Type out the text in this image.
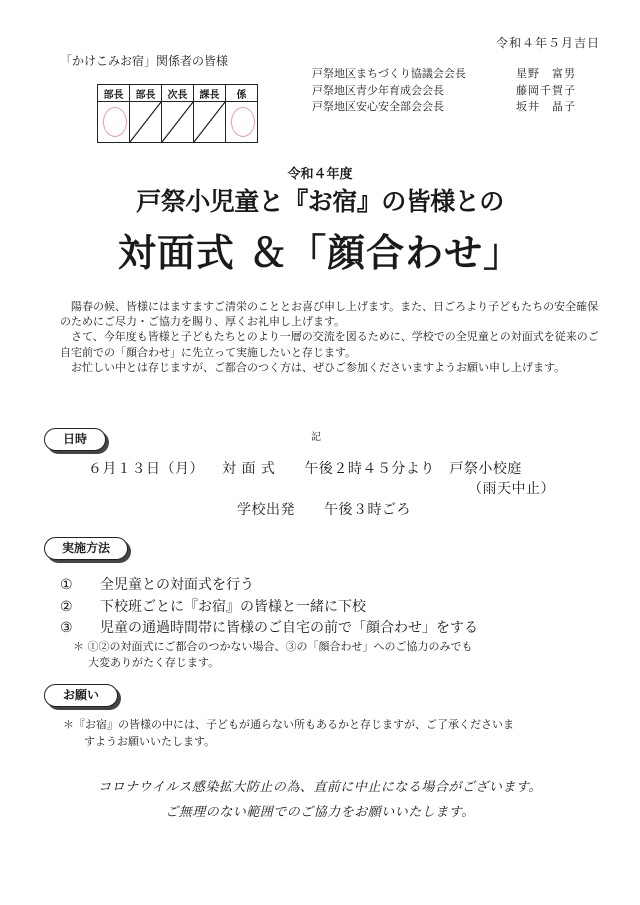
令和４年５月吉日
「かけこみお宿」関係者の皆様
戸祭地区まちづくり協議会会長	星野　富男
戸祭地区青少年育成会会長	藤岡千賀子
戸祭地区安心安全部会会長	坂井　晶子
部長	部長	次長	課長	係

令和４年度
戸祭小児童と『お宿』の皆様との
対面式 ＆「顔合わせ」

陽春の候、皆様にはますますご清栄のこととお喜び申し上げます。また、日ごろより子どもたちの安全確保のためにご尽力・ご協力を賜り、厚くお礼申し上げます。

さて、今年度も皆様と子どもたちとのより一層の交流を図るために、学校での全児童との対面式を従来のご自宅前での「顔合わせ」に先立って実施したいと存じます。

お忙しい中とは存じますが、ご都合のつく方は、ぜひご参加くださいますようお願い申し上げます。

記
日時
６月１３日（月） 対 面 式　　 午後２時４５分より　 戸祭小校庭
（雨天中止）
学校出発　　 午後３時ごろ
実施方法
①	全児童との対面式を行う
②	下校班ごとに『お宿』の皆様と一緒に下校
③	児童の通過時間帯に皆様のご自宅の前で「顔合わせ」をする
＊ ①②の対面式にご都合のつかない場合、③の「顔合わせ」へのご協力のみでも
大変ありがたく存じます。
お願い
＊『お宿』の皆様の中には、子どもが通らない所もあるかと存じますが、ご了承くださいま
すようお願いいたします。
コロナウイルス感染拡大防止の為、直前に中止になる場合がございます。
ご無理のない範囲でのご協力をお願いいたします。
